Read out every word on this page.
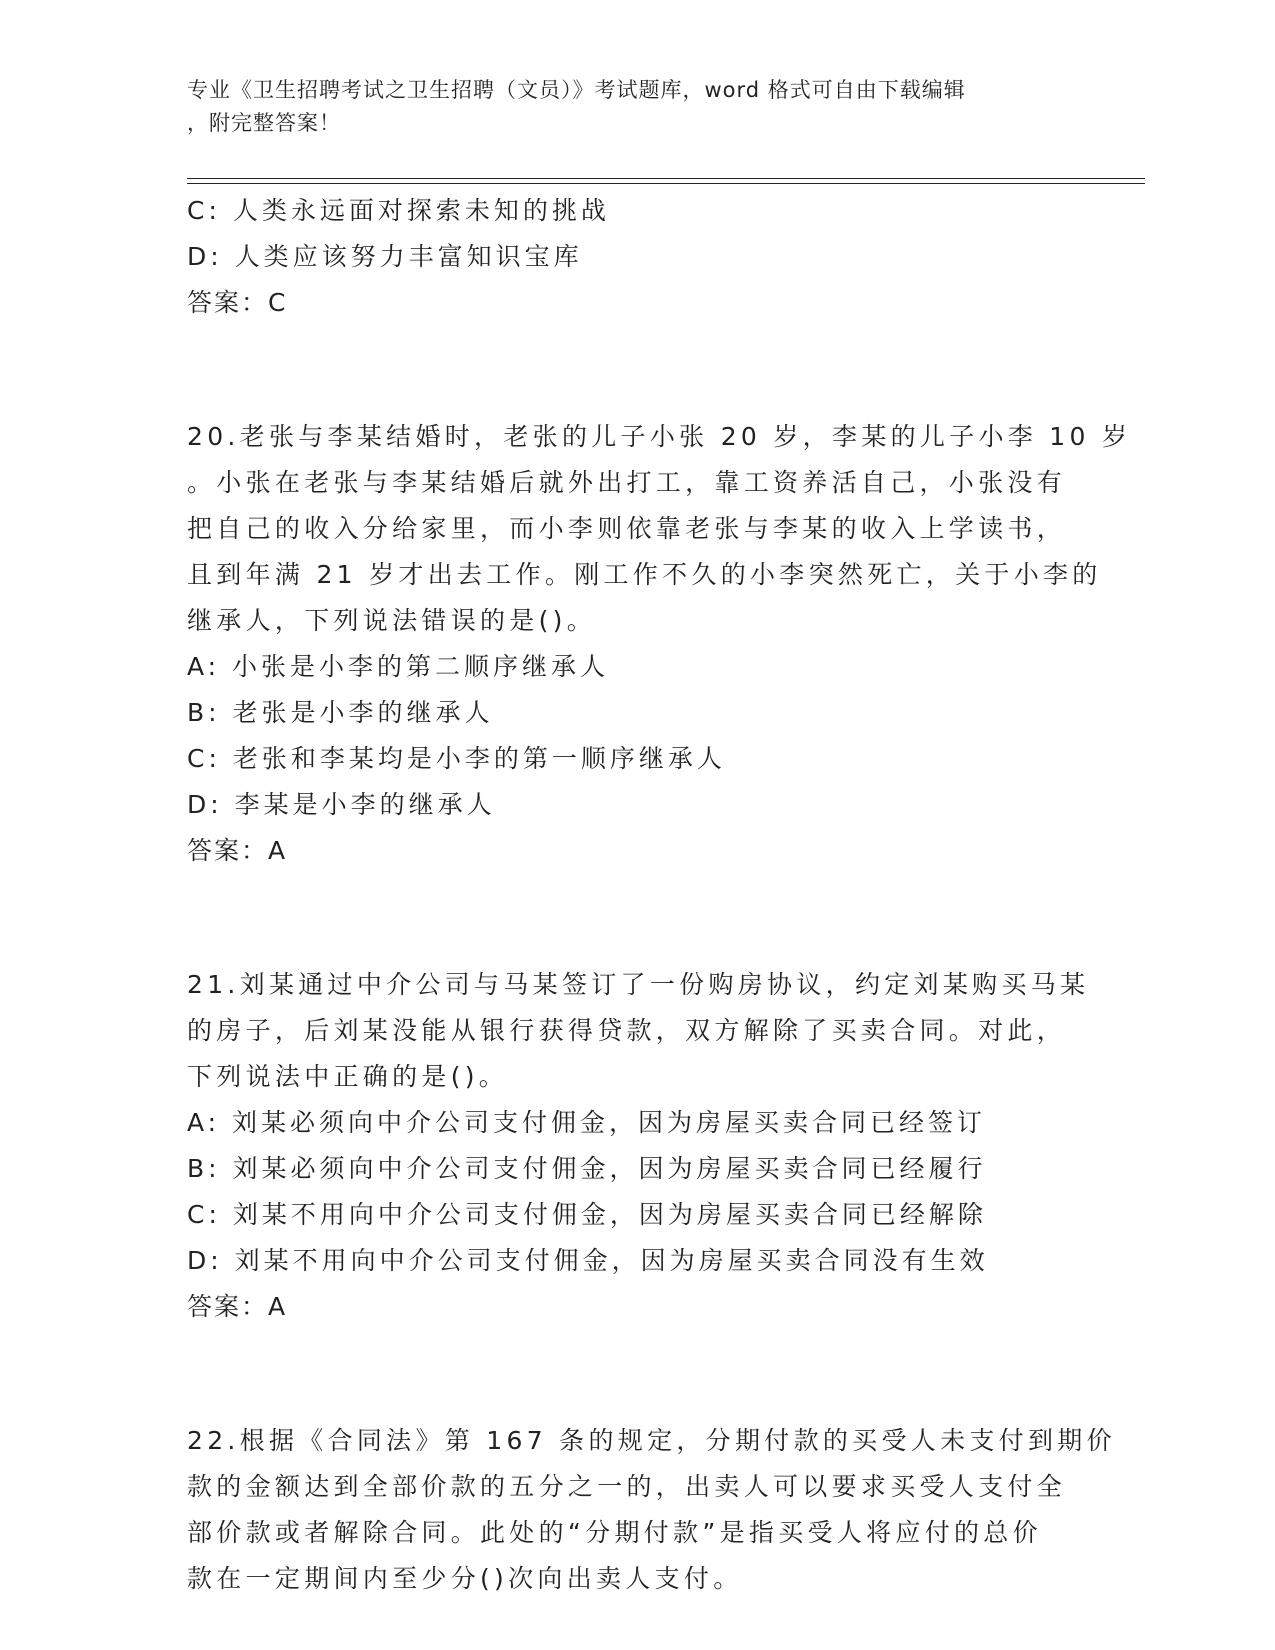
专业《卫生招聘考试之卫生招聘（文员）》考试题库，word 格式可自由下载编辑
，附完整答案！
C: 人类永远面对探索未知的挑战
D: 人类应该努力丰富知识宝库
答案：C
20.老张与李某结婚时，老张的儿子小张 20 岁，李某的儿子小李 10 岁
。小张在老张与李某结婚后就外出打工，靠工资养活自己，小张没有
把自己的收入分给家里，而小李则依靠老张与李某的收入上学读书，
且到年满 21 岁才出去工作。刚工作不久的小李突然死亡，关于小李的
继承人，下列说法错误的是()。
A: 小张是小李的第二顺序继承人
B: 老张是小李的继承人
C: 老张和李某均是小李的第一顺序继承人
D: 李某是小李的继承人
答案：A
21.刘某通过中介公司与马某签订了一份购房协议，约定刘某购买马某
的房子，后刘某没能从银行获得贷款，双方解除了买卖合同。对此，
下列说法中正确的是()。
A: 刘某必须向中介公司支付佣金，因为房屋买卖合同已经签订
B: 刘某必须向中介公司支付佣金，因为房屋买卖合同已经履行
C: 刘某不用向中介公司支付佣金，因为房屋买卖合同已经解除
D: 刘某不用向中介公司支付佣金，因为房屋买卖合同没有生效
答案：A
22.根据《合同法》第 167 条的规定，分期付款的买受人未支付到期价
款的金额达到全部价款的五分之一的，出卖人可以要求买受人支付全
部价款或者解除合同。此处的“分期付款”是指买受人将应付的总价
款在一定期间内至少分()次向出卖人支付。
